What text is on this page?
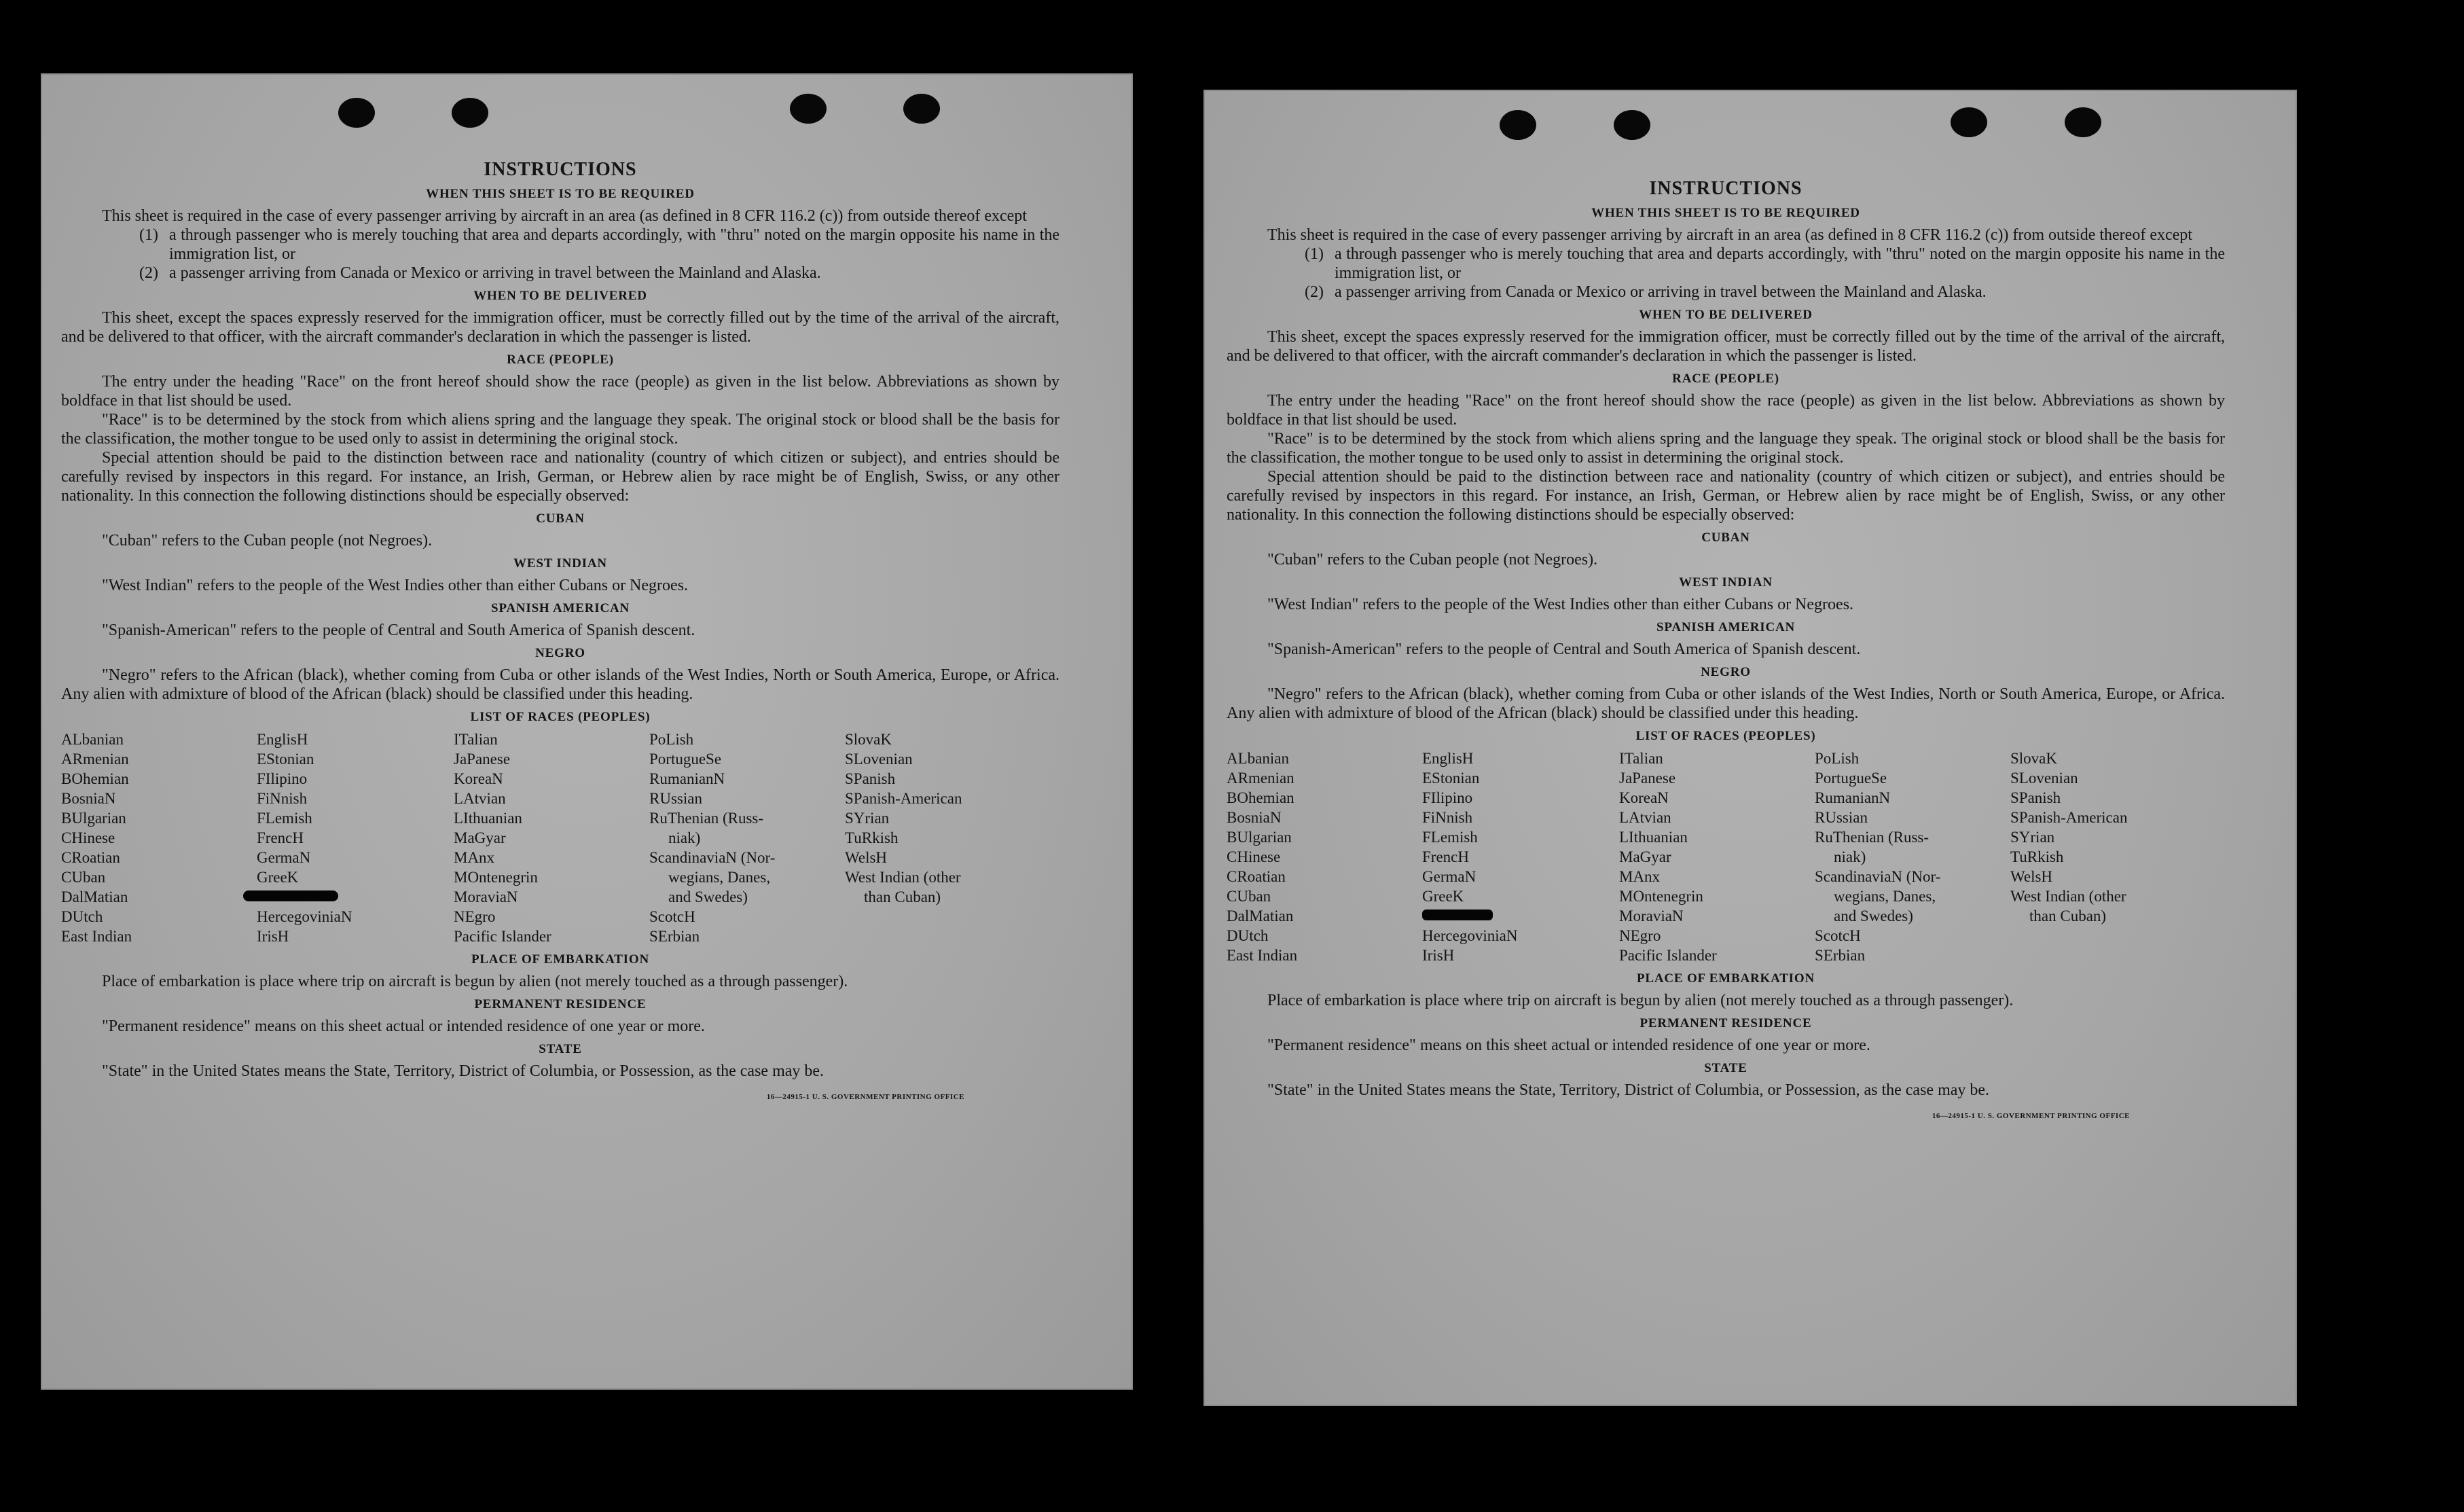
INSTRUCTIONS
WHEN THIS SHEET IS TO BE REQUIRED

This sheet is required in the case of every passenger arriving by aircraft in an area (as defined in 8 CFR 116.2 (c)) from outside thereof except

(1) a through passenger who is merely touching that area and departs accordingly, with "thru" noted on the margin opposite his name in the immigration list, or
(2) a passenger arriving from Canada or Mexico or arriving in travel between the Mainland and Alaska.
WHEN TO BE DELIVERED

This sheet, except the spaces expressly reserved for the immigration officer, must be correctly filled out by the time of the arrival of the aircraft, and be delivered to that officer, with the aircraft commander's declaration in which the passenger is listed.

RACE (PEOPLE)

The entry under the heading "Race" on the front hereof should show the race (people) as given in the list below. Abbreviations as shown by boldface in that list should be used.

"Race" is to be determined by the stock from which aliens spring and the language they speak. The original stock or blood shall be the basis for the classification, the mother tongue to be used only to assist in determining the original stock.

Special attention should be paid to the distinction between race and nationality (country of which citizen or subject), and entries should be carefully revised by inspectors in this regard. For instance, an Irish, German, or Hebrew alien by race might be of English, Swiss, or any other nationality. In this connection the following distinctions should be especially observed:

CUBAN

"Cuban" refers to the Cuban people (not Negroes).

WEST INDIAN

"West Indian" refers to the people of the West Indies other than either Cubans or Negroes.

SPANISH AMERICAN

"Spanish-American" refers to the people of Central and South America of Spanish descent.

NEGRO

"Negro" refers to the African (black), whether coming from Cuba or other islands of the West Indies, North or South America, Europe, or Africa. Any alien with admixture of blood of the African (black) should be classified under this heading.

LIST OF RACES (PEOPLES)
ALbanian
ARmenian
BOhemian
BosniaN
BUlgarian
CHinese
CRoatian
CUban
DalMatian
DUtch
East Indian
EnglisH
EStonian
FIlipino
FiNnish
FLemish
FrencH
GermaN
GreeK
HercegoviniaN
IrisH
ITalian
JaPanese
KoreaN
LAtvian
LIthuanian
MaGyar
MAnx
MOntenegrin
MoraviaN
NEgro
Pacific Islander
PoLish
PortugueSe
RumanianN
RUssian
RuThenian (Russ-
niak)
ScandinaviaN (Nor-
wegians, Danes,
and Swedes)
ScotcH
SErbian
SlovaK
SLovenian
SPanish
SPanish-American
SYrian
TuRkish
WelsH
West Indian (other
than Cuban)
PLACE OF EMBARKATION

Place of embarkation is place where trip on aircraft is begun by alien (not merely touched as a through passenger).

PERMANENT RESIDENCE

"Permanent residence" means on this sheet actual or intended residence of one year or more.

STATE

"State" in the United States means the State, Territory, District of Columbia, or Possession, as the case may be.

16—24915-1 U. S. GOVERNMENT PRINTING OFFICE
INSTRUCTIONS
WHEN THIS SHEET IS TO BE REQUIRED

This sheet is required in the case of every passenger arriving by aircraft in an area (as defined in 8 CFR 116.2 (c)) from outside thereof except

(1) a through passenger who is merely touching that area and departs accordingly, with "thru" noted on the margin opposite his name in the immigration list, or
(2) a passenger arriving from Canada or Mexico or arriving in travel between the Mainland and Alaska.
WHEN TO BE DELIVERED

This sheet, except the spaces expressly reserved for the immigration officer, must be correctly filled out by the time of the arrival of the aircraft, and be delivered to that officer, with the aircraft commander's declaration in which the passenger is listed.

RACE (PEOPLE)

The entry under the heading "Race" on the front hereof should show the race (people) as given in the list below. Abbreviations as shown by boldface in that list should be used.

"Race" is to be determined by the stock from which aliens spring and the language they speak. The original stock or blood shall be the basis for the classification, the mother tongue to be used only to assist in determining the original stock.

Special attention should be paid to the distinction between race and nationality (country of which citizen or subject), and entries should be carefully revised by inspectors in this regard. For instance, an Irish, German, or Hebrew alien by race might be of English, Swiss, or any other nationality. In this connection the following distinctions should be especially observed:

CUBAN

"Cuban" refers to the Cuban people (not Negroes).

WEST INDIAN

"West Indian" refers to the people of the West Indies other than either Cubans or Negroes.

SPANISH AMERICAN

"Spanish-American" refers to the people of Central and South America of Spanish descent.

NEGRO

"Negro" refers to the African (black), whether coming from Cuba or other islands of the West Indies, North or South America, Europe, or Africa. Any alien with admixture of blood of the African (black) should be classified under this heading.

LIST OF RACES (PEOPLES)
ALbanian
ARmenian
BOhemian
BosniaN
BUlgarian
CHinese
CRoatian
CUban
DalMatian
DUtch
East Indian
EnglisH
EStonian
FIlipino
FiNnish
FLemish
FrencH
GermaN
GreeK
HercegoviniaN
IrisH
ITalian
JaPanese
KoreaN
LAtvian
LIthuanian
MaGyar
MAnx
MOntenegrin
MoraviaN
NEgro
Pacific Islander
PoLish
PortugueSe
RumanianN
RUssian
RuThenian (Russ-
niak)
ScandinaviaN (Nor-
wegians, Danes,
and Swedes)
ScotcH
SErbian
SlovaK
SLovenian
SPanish
SPanish-American
SYrian
TuRkish
WelsH
West Indian (other
than Cuban)
PLACE OF EMBARKATION

Place of embarkation is place where trip on aircraft is begun by alien (not merely touched as a through passenger).

PERMANENT RESIDENCE

"Permanent residence" means on this sheet actual or intended residence of one year or more.

STATE

"State" in the United States means the State, Territory, District of Columbia, or Possession, as the case may be.

16—24915-1 U. S. GOVERNMENT PRINTING OFFICE
